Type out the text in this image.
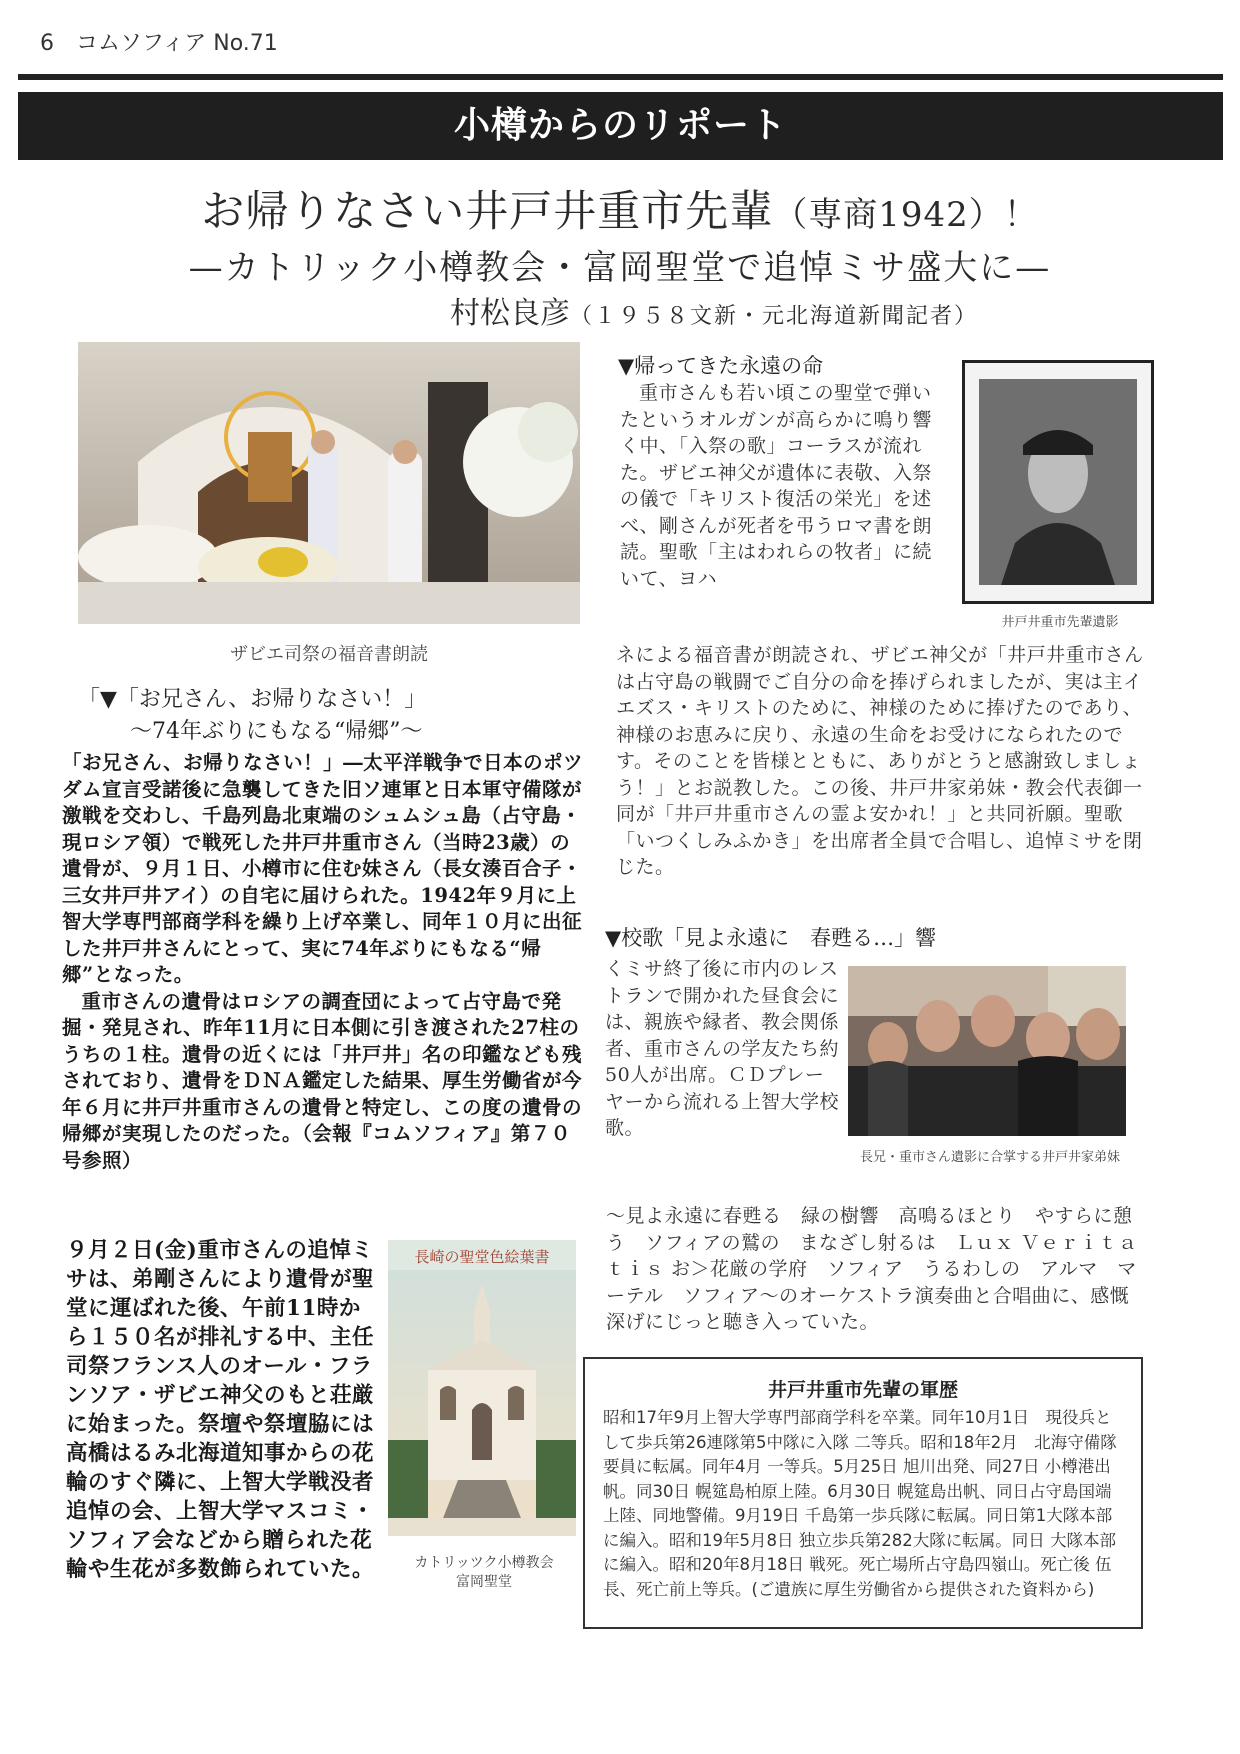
6　コムソフィア No.71
小樽からのリポート
お帰りなさい井戸井重市先輩（専商1942）！
—カトリック小樽教会・富岡聖堂で追悼ミサ盛大に—
村松良彦（１９５８文新・元北海道新聞記者）
ザビエ司祭の福音書朗読
井戸井重市先輩遺影
長兄・重市さん遺影に合掌する井戸井家弟妹
長崎の聖堂色絵葉書
カトリッツク小樽教会
富岡聖堂
「▼「お兄さん、お帰りなさい！」
～74年ぶりにもなる“帰郷”～

「お兄さん、お帰りなさい！」―太平洋戦争で日本のポツダム宣言受諾後に急襲してきた旧ソ連軍と日本軍守備隊が激戦を交わし、千島列島北東端のシュムシュ島（占守島・現ロシア領）で戦死した井戸井重市さん（当時23歳）の遺骨が、９月１日、小樽市に住む妹さん（長女湊百合子・三女井戸井アイ）の自宅に届けられた。1942年９月に上智大学専門部商学科を繰り上げ卒業し、同年１０月に出征した井戸井さんにとって、実に74年ぶりにもなる“帰郷”となった。

重市さんの遺骨はロシアの調査団によって占守島で発掘・発見され、昨年11月に日本側に引き渡された27柱のうちの１柱。遺骨の近くには「井戸井」名の印鑑なども残されており、遺骨をＤＮＡ鑑定した結果、厚生労働省が今年６月に井戸井重市さんの遺骨と特定し、この度の遺骨の帰郷が実現したのだった。（会報『コムソフィア』第７０号参照）

▼帰ってきた永遠の命

重市さんも若い頃この聖堂で弾いたというオルガンが高らかに鳴り響く中、「入祭の歌」コーラスが流れた。ザビエ神父が遺体に表敬、入祭の儀で「キリスト復活の栄光」を述べ、剛さんが死者を弔うロマ書を朗読。聖歌「主はわれらの牧者」に続いて、ヨハ

ネによる福音書が朗読され、ザビエ神父が「井戸井重市さんは占守島の戦闘でご自分の命を捧げられましたが、実は主イエズス・キリストのために、神様のために捧げたのであり、神様のお恵みに戻り、永遠の生命をお受けになられたのです。そのことを皆様とともに、ありがとうと感謝致しましょう！」とお説教した。この後、井戸井家弟妹・教会代表御一同が「井戸井重市さんの霊よ安かれ！」と共同祈願。聖歌「いつくしみふかき」を出席者全員で合唱し、追悼ミサを閉じた。

▼校歌「見よ永遠に　春甦る…」響

くミサ終了後に市内のレストランで開かれた昼食会には、親族や縁者、教会関係者、重市さんの学友たち約50人が出席。ＣＤプレーヤーから流れる上智大学校歌。

〜見よ永遠に春甦る　緑の樹響　高鳴るほとり　やすらに憩う　ソフィアの鷲の　まなざし射るは　Ｌｕｘ Ｖｅｒｉｔａｔｉｓ お＞花厳の学府　ソフィア　うるわしの　アルマ　マーテル　ソフィア〜のオーケストラ演奏曲と合唱曲に、感慨深げにじっと聴き入っていた。

９月２日(金)重市さんの追悼ミサは、弟剛さんにより遺骨が聖堂に運ばれた後、午前11時から１５０名が排礼する中、主任司祭フランス人のオール・フランソア・ザビエ神父のもと荘厳に始まった。祭壇や祭壇脇には高橋はるみ北海道知事からの花輪のすぐ隣に、上智大学戦没者追悼の会、上智大学マスコミ・ソフィア会などから贈られた花輪や生花が多数飾られていた。

井戸井重市先輩の軍歴

昭和17年9月上智大学専門部商学科を卒業。同年10月1日　現役兵として歩兵第26連隊第5中隊に入隊 二等兵。昭和18年2月　北海守備隊要員に転属。同年4月 一等兵。5月25日 旭川出発、同27日 小樽港出帆。同30日 幌筵島柏原上陸。6月30日 幌筵島出帆、同日占守島国端上陸、同地警備。9月19日 千島第一歩兵隊に転属。同日第1大隊本部に編入。昭和19年5月8日 独立歩兵第282大隊に転属。同日 大隊本部に編入。昭和20年8月18日 戦死。死亡場所占守島四嶺山。死亡後 伍長、死亡前上等兵。(ご遺族に厚生労働省から提供された資料から)
